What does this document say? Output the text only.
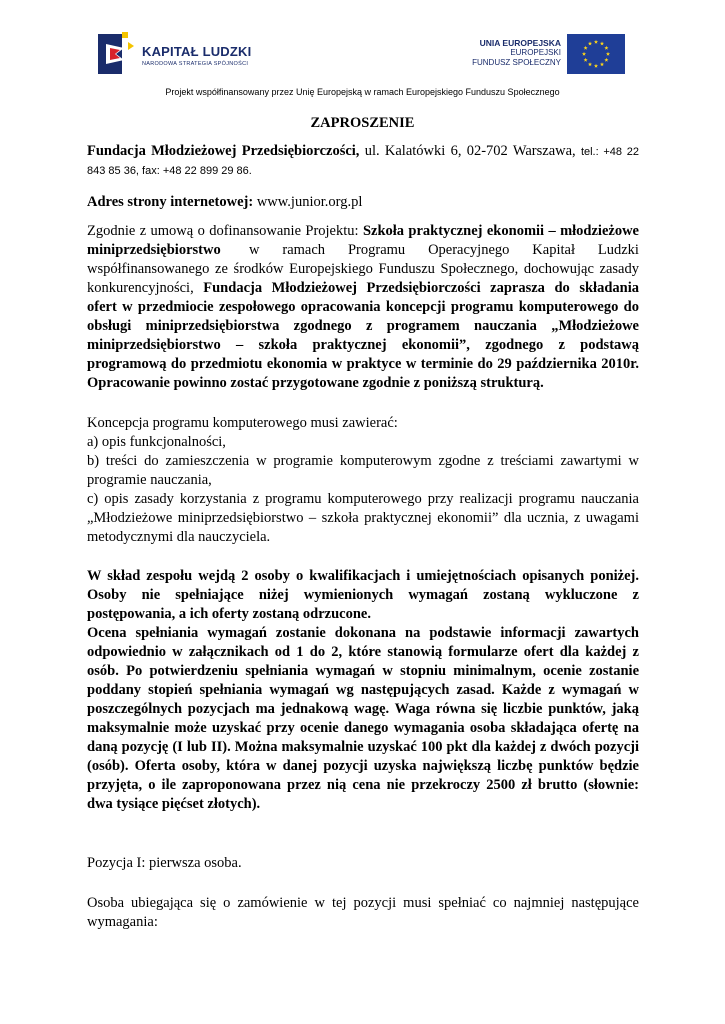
KAPITAŁ LUDZKI
NARODOWA STRATEGIA SPÓJNOŚCI
UNIA EUROPEJSKA
EUROPEJSKI
FUNDUSZ SPOŁECZNY
Projekt współfinansowany przez Unię Europejską w ramach Europejskiego Funduszu Społecznego
ZAPROSZENIE
Fundacja Młodzieżowej Przedsiębiorczości, ul. Kalatówki 6, 02-702 Warszawa, tel.: +48 22
843 85 36, fax: +48 22 899 29 86.
Adres strony internetowej: www.junior.org.pl
Zgodnie z umową o dofinansowanie Projektu: Szkoła praktycznej ekonomii – młodzieżowe
miniprzedsiębiorstwo w ramach Programu Operacyjnego Kapitał Ludzki
współfinansowanego ze środków Europejskiego Funduszu Społecznego, dochowując zasady
konkurencyjności, Fundacja Młodzieżowej Przedsiębiorczości zaprasza do składania
ofert w przedmiocie zespołowego opracowania koncepcji programu komputerowego do
obsługi miniprzedsiębiorstwa zgodnego z programem nauczania „Młodzieżowe
miniprzedsiębiorstwo – szkoła praktycznej ekonomii”, zgodnego z podstawą
programową do przedmiotu ekonomia w praktyce w terminie do 29 października 2010r.
Opracowanie powinno zostać przygotowane zgodnie z poniższą strukturą.
Koncepcja programu komputerowego musi zawierać:
a) opis funkcjonalności,
b) treści do zamieszczenia w programie komputerowym zgodne z treściami zawartymi w
programie nauczania,
c) opis zasady korzystania z programu komputerowego przy realizacji programu nauczania
„Młodzieżowe miniprzedsiębiorstwo – szkoła praktycznej ekonomii” dla ucznia, z uwagami
metodycznymi dla nauczyciela.
W skład zespołu wejdą 2 osoby o kwalifikacjach i umiejętnościach opisanych poniżej.
Osoby nie spełniające niżej wymienionych wymagań zostaną wykluczone z
postępowania, a ich oferty zostaną odrzucone.
Ocena spełniania wymagań zostanie dokonana na podstawie informacji zawartych
odpowiednio w załącznikach od 1 do 2, które stanowią formularze ofert dla każdej z
osób. Po potwierdzeniu spełniania wymagań w stopniu minimalnym, ocenie zostanie
poddany stopień spełniania wymagań wg następujących zasad. Każde z wymagań w
poszczególnych pozycjach ma jednakową wagę. Waga równa się liczbie punktów, jaką
maksymalnie może uzyskać przy ocenie danego wymagania osoba składająca ofertę na
daną pozycję (I lub II). Można maksymalnie uzyskać 100 pkt dla każdej z dwóch pozycji
(osób). Oferta osoby, która w danej pozycji uzyska największą liczbę punktów będzie
przyjęta, o ile zaproponowana przez nią cena nie przekroczy 2500 zł brutto (słownie:
dwa tysiące pięćset złotych).
Pozycja I: pierwsza osoba.
Osoba ubiegająca się o zamówienie w tej pozycji musi spełniać co najmniej następujące
wymagania:
